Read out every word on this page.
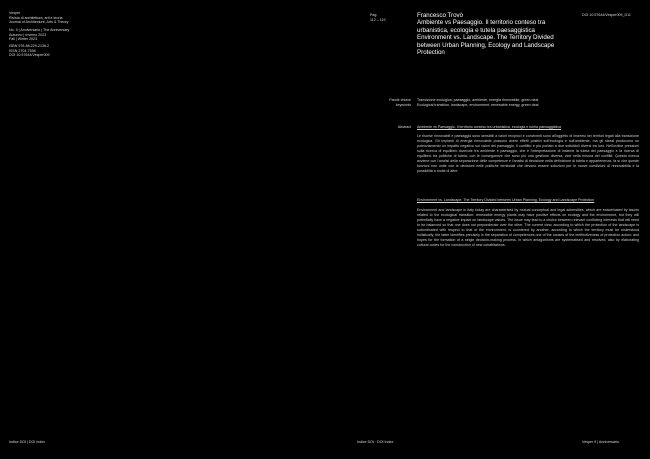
Vesper
Rivista di architettura, arti e teoria
Journal of Architecture, Arts & Theory
No. 9 | Anniversario | The Anniversary
Autunno | Inverno 2023
Fall | Winter 2023
ISBN 978-88-229-2136-2
ISSN 2704-7598
DOI 10.57644/Vesper009
Pag.
112 – 119
Francesco Trovò
Ambiente vs Paesaggio. Il territorio conteso tra urbanistica, ecologia e tutela paesaggistica
Environment vs. Landscape. The Territory Divided between Urban Planning, Ecology and Landscape Protection
DOI 10.57644/Vesper009_D11
Parole chiave
keywords
Transizione ecologica, paesaggio, ambiente, energia rinnovabile, green deal
Ecological transition, landscape, environment, renewable energy, green deal
Abstract Ambiente vs Paesaggio. Il territorio conteso tra urbanistica, ecologia e tutela paesaggistica
Le risorse rinnovabili e paesaggio sono sensibili a valori reciproci e conviventi sono all'oggetto di inserirsi nei territori legati alla transizione ecologica. Gli impianti di energia rinnovabile possono avere effetti positivi sull'ecologia e sull'ambiente, ma gli stessi producono un potenziamento un impatto negativo sui valori del paesaggio. Il conflitto è più portato a due sottotitoli diversi tra loro. Nell'ordine pressioni sulla ricerca di equilibrio durevole tra ambiente e paesaggio, che è l'interpretazione di insieme la tutela del paesaggio e la ricerca di equilibrio tra politiche di tutela, con le conseguenze che sono più una gestione diversa, cioè nella misura dei conflitti. Questa ricerca avviene con l'analisi della separazione delle competenze e l'analisi di decisione nella definizione di tutela e appartenenza, fa sì che queste funzioni non unite con le decisioni nelle politiche territoriali che devono essere soluzioni per le nuove condizioni di rinnovabilità e la possibilità a molte di altre.
Environment vs. Landscape. The Territory Divided between Urban Planning, Ecology and Landscape Protection
Environment and landscape in Italy today are characterised by mutual conceptual and legal adversities, which are exacerbated by issues related to the ecological transition: renewable energy plants may have positive effects on ecology and the environment, but they will potentially have a negative impact on landscape values. The issue may lead to a choice between relevant conflicting interests that will need to be balanced so that one does not preponderate over the other. The current view, according to which the protection of the landscape is subordinated with respect to that of the environment, is countered by another, according to which the territory must be understood holistically, the latter identifies precisely in the separation of competences one of the causes of the ineffectiveness of protection action: and hopes for the formation of a single decision-making process, in which antagonisms are systematised and resolved, also by elaborating cultural codes for the construction of new cohabitations.
Indice DOI | DOI Index	Indice DOI · DOI Index	Vesper 9 | Anniversario
